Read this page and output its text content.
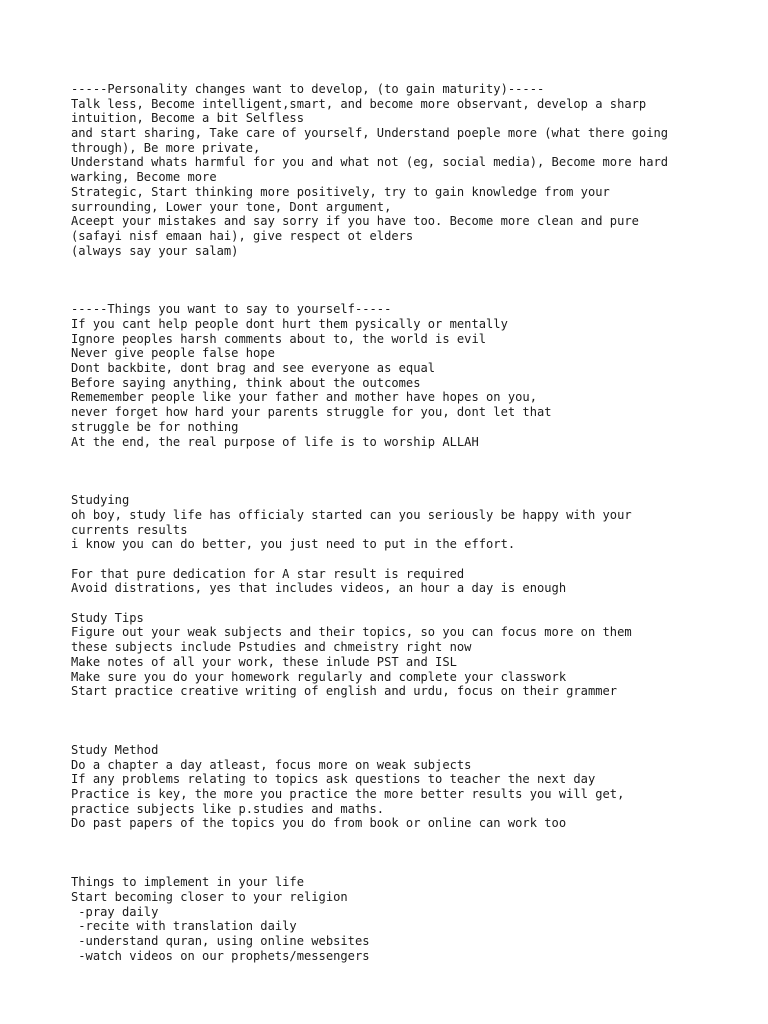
-----Personality changes want to develop, (to gain maturity)-----
Talk less, Become intelligent,smart, and become more observant, develop a sharp
intuition, Become a bit Selfless
and start sharing, Take care of yourself, Understand poeple more (what there going
through), Be more private,
Understand whats harmful for you and what not (eg, social media), Become more hard
warking, Become more
Strategic, Start thinking more positively, try to gain knowledge from your
surrounding, Lower your tone, Dont argument,
Aceept your mistakes and say sorry if you have too. Become more clean and pure
(safayi nisf emaan hai), give respect ot elders
(always say your salam)
-----Things you want to say to yourself-----
If you cant help people dont hurt them pysically or mentally
Ignore peoples harsh comments about to, the world is evil
Never give people false hope
Dont backbite, dont brag and see everyone as equal
Before saying anything, think about the outcomes
Rememember people like your father and mother have hopes on you,
never forget how hard your parents struggle for you, dont let that
struggle be for nothing
At the end, the real purpose of life is to worship ALLAH
Studying
oh boy, study life has officialy started can you seriously be happy with your
currents results
i know you can do better, you just need to put in the effort.
For that pure dedication for A star result is required
Avoid distrations, yes that includes videos, an hour a day is enough
Study Tips
Figure out your weak subjects and their topics, so you can focus more on them
these subjects include Pstudies and chmeistry right now
Make notes of all your work, these inlude PST and ISL
Make sure you do your homework regularly and complete your classwork
Start practice creative writing of english and urdu, focus on their grammer
Study Method
Do a chapter a day atleast, focus more on weak subjects
If any problems relating to topics ask questions to teacher the next day
Practice is key, the more you practice the more better results you will get,
practice subjects like p.studies and maths.
Do past papers of the topics you do from book or online can work too
Things to implement in your life
Start becoming closer to your religion
-pray daily
-recite with translation daily
-understand quran, using online websites
-watch videos on our prophets/messengers
